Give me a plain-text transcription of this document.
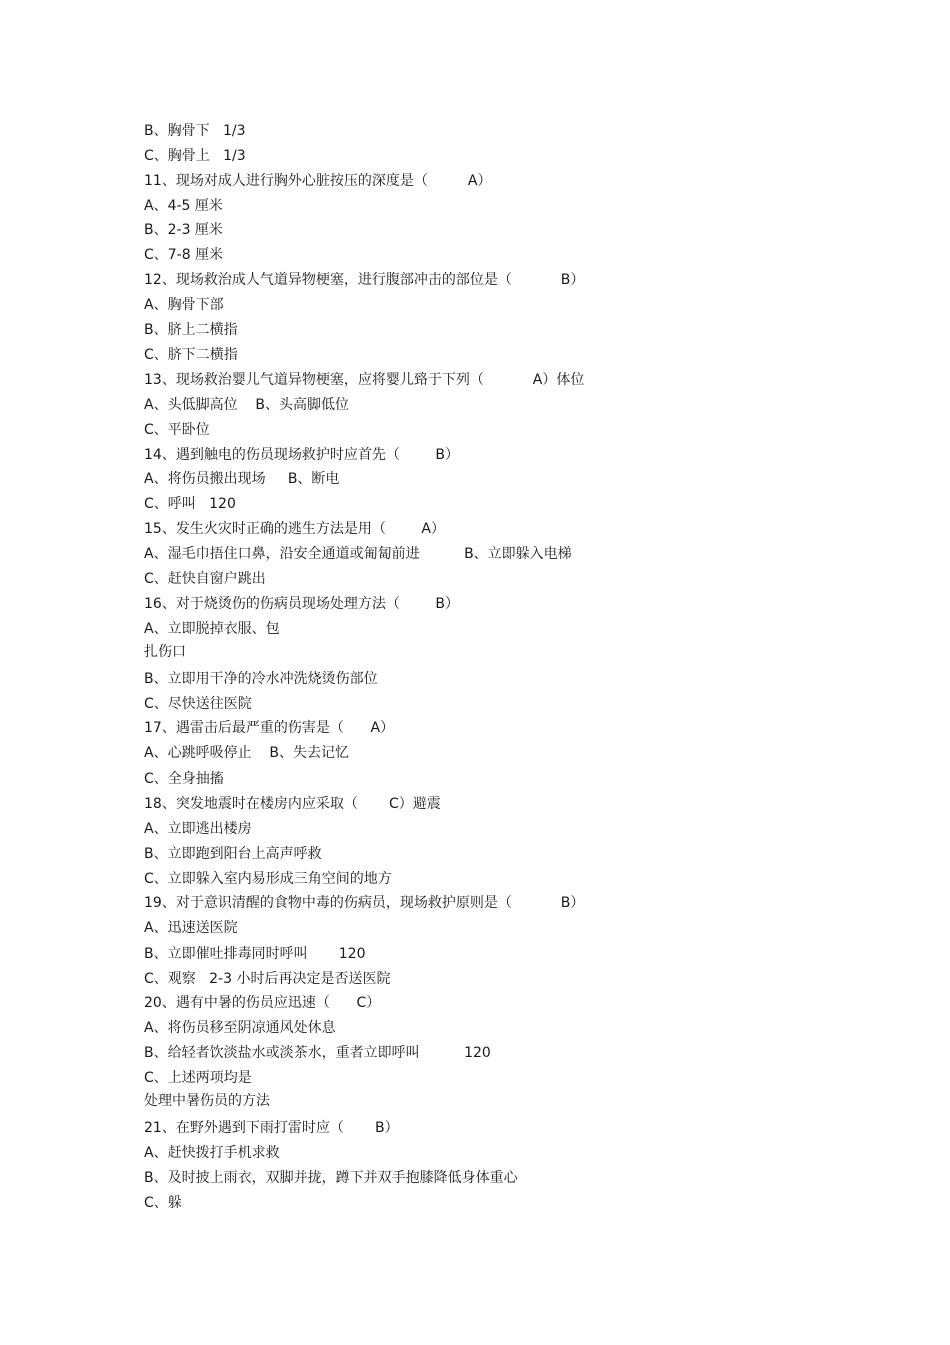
B、胸骨下   1/3
C、胸骨上   1/3
11、现场对成人进行胸外心脏按压的深度是（         A）
A、4-5 厘米
B、2-3 厘米
C、7-8 厘米
12、现场救治成人气道异物梗塞，进行腹部冲击的部位是（           B）
A、胸骨下部
B、脐上二横指
C、脐下二横指
13、现场救治婴儿气道异物梗塞，应将婴儿臵于下列（           A）体位
A、头低脚高位    B、头高脚低位
C、平卧位
14、遇到触电的伤员现场救护时应首先（        B）
A、将伤员搬出现场     B、断电
C、呼叫   120
15、发生火灾时正确的逃生方法是用（        A）
A、湿毛巾捂住口鼻，沿安全通道或匍匐前进          B、立即躲入电梯
C、赶快自窗户跳出
16、对于烧烫伤的伤病员现场处理方法（        B）
A、立即脱掉衣服、包
扎伤口
B、立即用干净的冷水冲洗烧烫伤部位
C、尽快送往医院
17、遇雷击后最严重的伤害是（      A）
A、心跳呼吸停止    B、失去记忆
C、全身抽搐
18、突发地震时在楼房内应采取（       C）避震
A、立即逃出楼房
B、立即跑到阳台上高声呼救
C、立即躲入室内易形成三角空间的地方
19、对于意识清醒的食物中毒的伤病员，现场救护原则是（           B）
A、迅速送医院
B、立即催吐排毒同时呼叫       120
C、观察   2-3 小时后再决定是否送医院
20、遇有中暑的伤员应迅速（      C）
A、将伤员移至阴凉通风处休息
B、给轻者饮淡盐水或淡茶水，重者立即呼叫          120
C、上述两项均是
处理中暑伤员的方法
21、在野外遇到下雨打雷时应（       B）
A、赶快拨打手机求救
B、及时披上雨衣，双脚并拢，蹲下并双手抱膝降低身体重心
C、躲
